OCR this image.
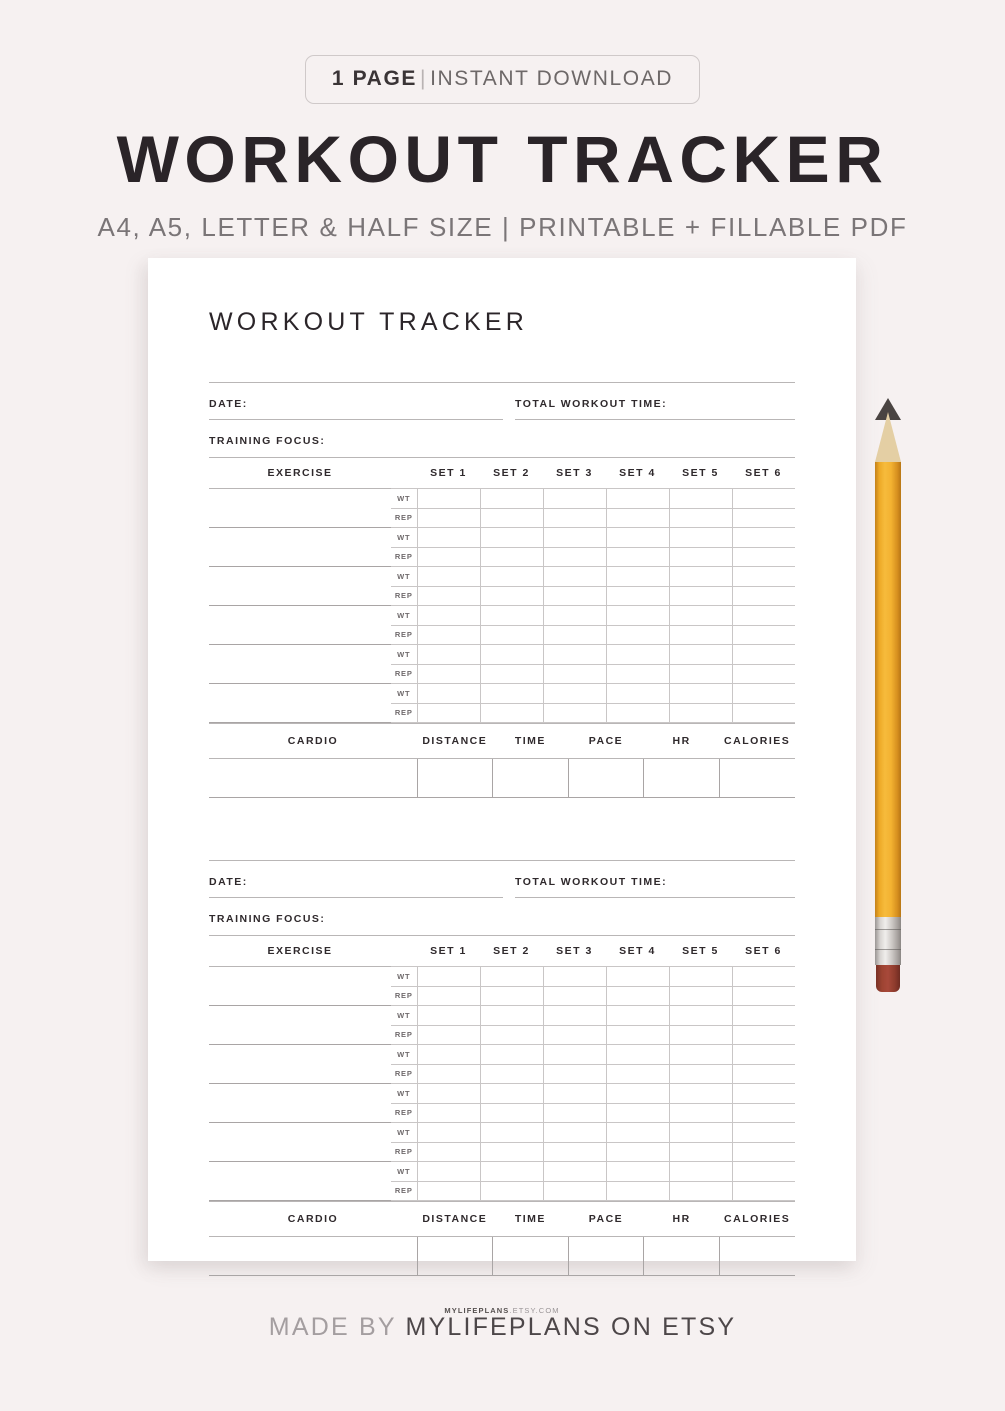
1 PAGE | INSTANT DOWNLOAD
WORKOUT TRACKER
A4, A5, LETTER & HALF SIZE | PRINTABLE + FILLABLE PDF
WORKOUT TRACKER
DATE:	TOTAL WORKOUT TIME:
TRAINING FOCUS:
EXERCISE		SET 1	SET 2	SET 3	SET 4	SET 5	SET 6
	WT						
	REP						
	WT						
	REP						
	WT						
	REP						
	WT						
	REP						
	WT						
	REP						
	WT						
	REP						
CARDIO	DISTANCE	TIME	PACE	HR	CALORIES

DATE:	TOTAL WORKOUT TIME:
TRAINING FOCUS:
EXERCISE		SET 1	SET 2	SET 3	SET 4	SET 5	SET 6
	WT						
	REP						
	WT						
	REP						
	WT						
	REP						
	WT						
	REP						
	WT						
	REP						
	WT						
	REP						
CARDIO	DISTANCE	TIME	PACE	HR	CALORIES

MYLIFEPLANS.ETSY.COM
MADE BY MYLIFEPLANS ON ETSY
